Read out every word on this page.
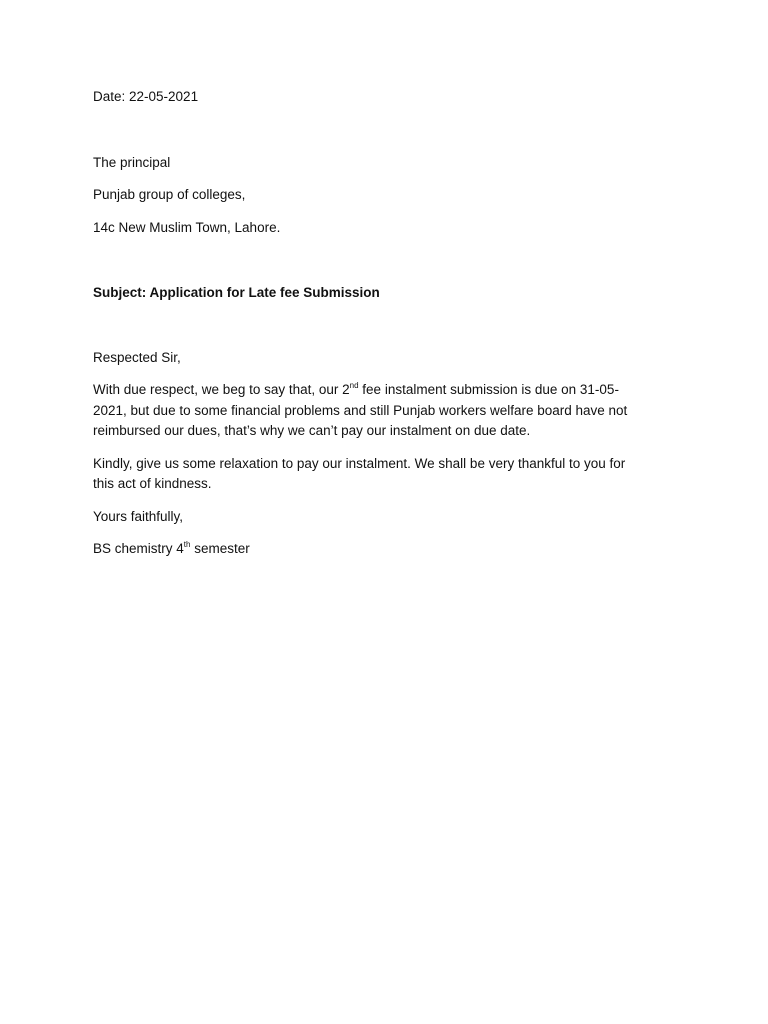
Date: 22-05-2021

The principal

Punjab group of colleges,

14c New Muslim Town, Lahore.

Subject: Application for Late fee Submission

Respected Sir,

With due respect, we beg to say that, our 2nd fee instalment submission is due on 31-05-

2021, but due to some financial problems and still Punjab workers welfare board have not

reimbursed our dues, that’s why we can’t pay our instalment on due date.

Kindly, give us some relaxation to pay our instalment. We shall be very thankful to you for

this act of kindness.

Yours faithfully,

BS chemistry 4th semester
